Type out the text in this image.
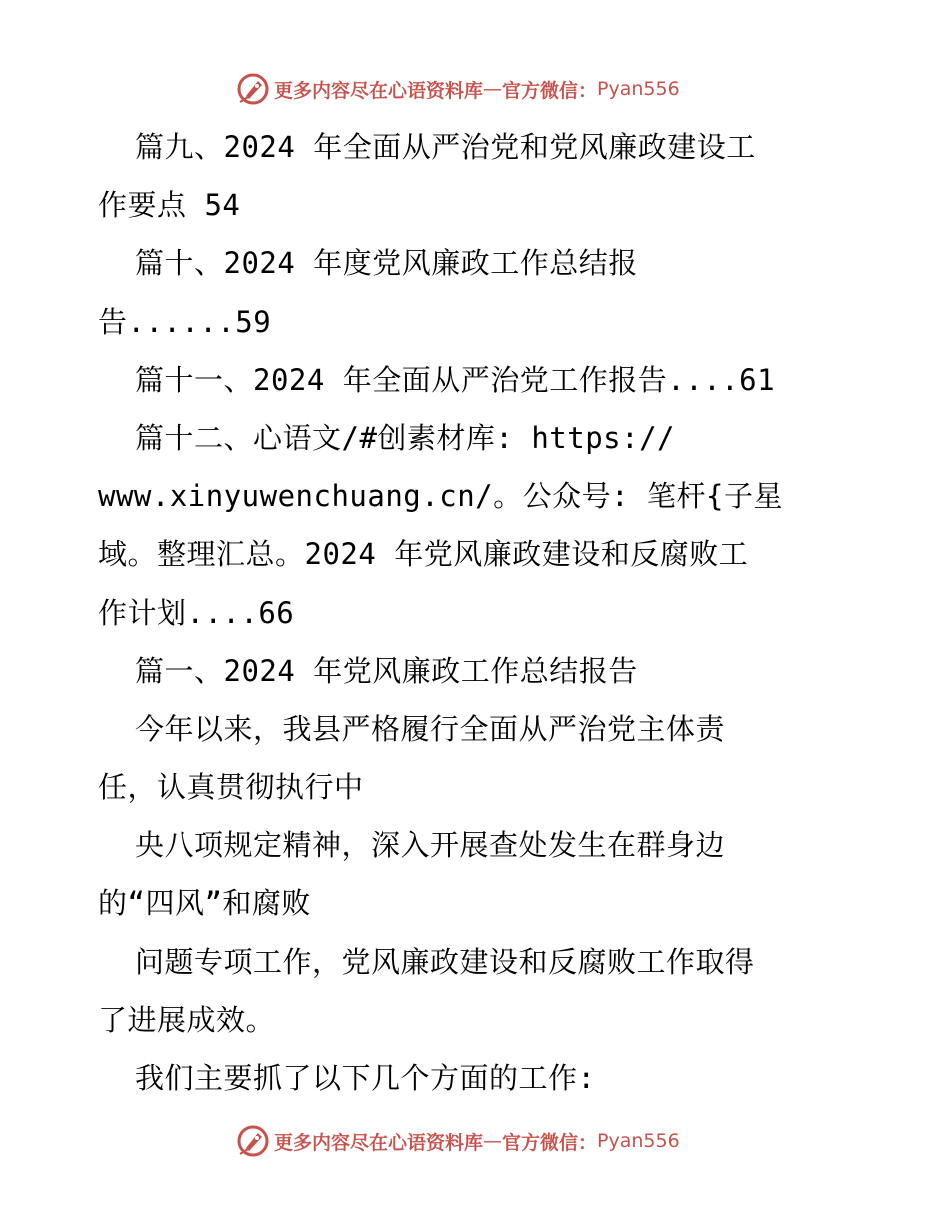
更多内容尽在心语资料库 — 官方微信： Pyan556
篇九、2024 年全面从严治党和党风廉政建设工
作要点 54
篇十、2024 年度党风廉政工作总结报
告......59
篇十一、2024 年全面从严治党工作报告....61
篇十二、心语文/#创素材库: https://
www.xinyuwenchuang.cn/。公众号: 笔杆{子星
域。整理汇总。2024 年党风廉政建设和反腐败工
作计划....66
篇一、2024 年党风廉政工作总结报告
今年以来，我县严格履行全面从严治党主体责
任，认真贯彻执行中
央八项规定精神，深入开展查处发生在群身边
的“四风”和腐败
问题专项工作，党风廉政建设和反腐败工作取得
了进展成效。
我们主要抓了以下几个方面的工作:
更多内容尽在心语资料库 — 官方微信： Pyan556
